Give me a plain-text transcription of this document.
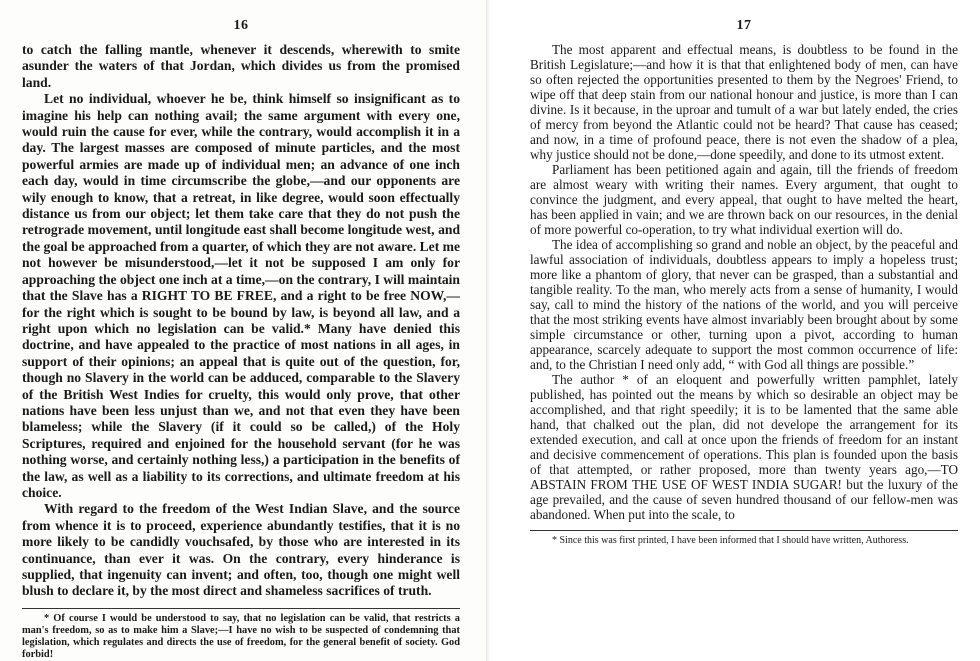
16

to catch the falling mantle, whenever it descends, wherewith to smite asunder the waters of that Jordan, which divides us from the promised land.

Let no individual, whoever he be, think himself so insignificant as to imagine his help can nothing avail; the same argument with every one, would ruin the cause for ever, while the contrary, would accomplish it in a day. The largest masses are composed of minute particles, and the most powerful armies are made up of individual men; an advance of one inch each day, would in time circumscribe the globe,—and our opponents are wily enough to know, that a retreat, in like degree, would soon effectually distance us from our object; let them take care that they do not push the retrograde movement, until longitude east shall become longitude west, and the goal be approached from a quarter, of which they are not aware. Let me not however be misunderstood,—let it not be supposed I am only for approaching the object one inch at a time,—on the contrary, I will maintain that the Slave has a RIGHT TO BE FREE, and a right to be free NOW,—for the right which is sought to be bound by law, is beyond all law, and a right upon which no legislation can be valid.* Many have denied this doctrine, and have appealed to the practice of most nations in all ages, in support of their opinions; an appeal that is quite out of the question, for, though no Slavery in the world can be adduced, comparable to the Slavery of the British West Indies for cruelty, this would only prove, that other nations have been less unjust than we, and not that even they have been blameless; while the Slavery (if it could so be called,) of the Holy Scriptures, required and enjoined for the household servant (for he was nothing worse, and certainly nothing less,) a participation in the benefits of the law, as well as a liability to its corrections, and ultimate freedom at his choice.

With regard to the freedom of the West Indian Slave, and the source from whence it is to proceed, experience abundantly testifies, that it is no more likely to be candidly vouchsafed, by those who are interested in its continuance, than ever it was. On the contrary, every hinderance is supplied, that ingenuity can invent; and often, too, though one might well blush to declare it, by the most direct and shameless sacrifices of truth.

* Of course I would be understood to say, that no legislation can be valid, that restricts a man's freedom, so as to make him a Slave;—I have no wish to be suspected of condemning that legislation, which regulates and directs the use of freedom, for the general benefit of society. God forbid!

17

The most apparent and effectual means, is doubtless to be found in the British Legislature;—and how it is that that enlightened body of men, can have so often rejected the opportunities presented to them by the Negroes' Friend, to wipe off that deep stain from our national honour and justice, is more than I can divine. Is it because, in the uproar and tumult of a war but lately ended, the cries of mercy from beyond the Atlantic could not be heard? That cause has ceased; and now, in a time of profound peace, there is not even the shadow of a plea, why justice should not be done,—done speedily, and done to its utmost extent.

Parliament has been petitioned again and again, till the friends of freedom are almost weary with writing their names. Every argument, that ought to convince the judgment, and every appeal, that ought to have melted the heart, has been applied in vain; and we are thrown back on our resources, in the denial of more powerful co-operation, to try what individual exertion will do.

The idea of accomplishing so grand and noble an object, by the peaceful and lawful association of individuals, doubtless appears to imply a hopeless trust; more like a phantom of glory, that never can be grasped, than a substantial and tangible reality. To the man, who merely acts from a sense of humanity, I would say, call to mind the history of the nations of the world, and you will perceive that the most striking events have almost invariably been brought about by some simple circumstance or other, turning upon a pivot, according to human appearance, scarcely adequate to support the most common occurrence of life: and, to the Christian I need only add, “ with God all things are possible.”

The author * of an eloquent and powerfully written pamphlet, lately published, has pointed out the means by which so desirable an object may be accomplished, and that right speedily; it is to be lamented that the same able hand, that chalked out the plan, did not develope the arrangement for its extended execution, and call at once upon the friends of freedom for an instant and decisive commencement of operations. This plan is founded upon the basis of that attempted, or rather proposed, more than twenty years ago,—TO ABSTAIN FROM THE USE OF WEST INDIA SUGAR! but the luxury of the age prevailed, and the cause of seven hundred thousand of our fellow-men was abandoned. When put into the scale, to

* Since this was first printed, I have been informed that I should have written, Authoress.
